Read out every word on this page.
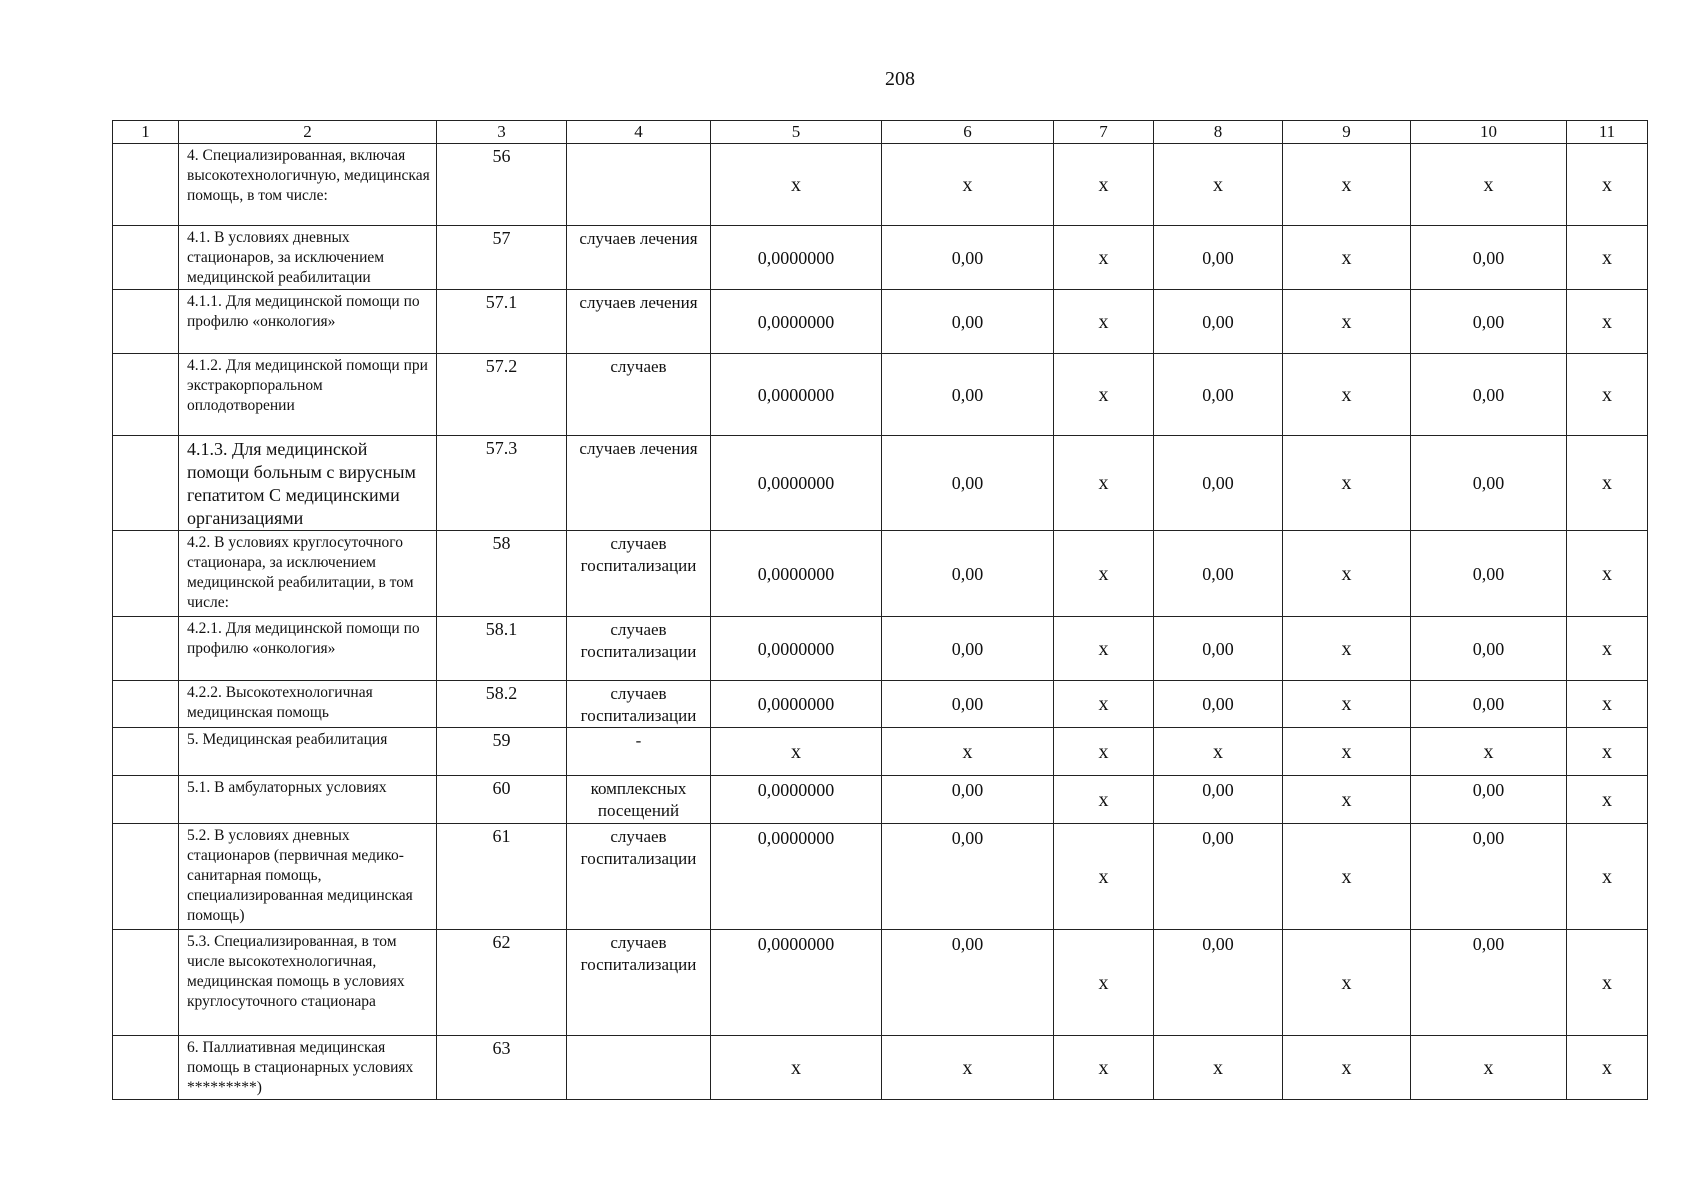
208
1	2	3	4	5	6	7	8	9	10	11
	4. Специализированная, включая высокотехнологичную, медицинская помощь, в том числе:	56		x	x	x	x	x	x	x
	4.1. В условиях дневных стационаров, за исключением медицинской реабилитации	57	случаев лечения	0,0000000	0,00	x	0,00	x	0,00	x
	4.1.1. Для медицинской помощи по профилю «онкология»	57.1	случаев лечения	0,0000000	0,00	x	0,00	x	0,00	x
	4.1.2. Для медицинской помощи при экстракорпоральном оплодотворении	57.2	случаев	0,0000000	0,00	x	0,00	x	0,00	x
	4.1.3. Для медицинской помощи больным с вирусным гепатитом С медицинскими организациями	57.3	случаев лечения	0,0000000	0,00	x	0,00	x	0,00	x
	4.2. В условиях круглосуточного стационара, за исключением медицинской реабилитации, в том числе:	58	случаев госпитализации	0,0000000	0,00	x	0,00	x	0,00	x
	4.2.1. Для медицинской помощи по профилю «онкология»	58.1	случаев госпитализации	0,0000000	0,00	x	0,00	x	0,00	x
	4.2.2. Высокотехнологичная медицинская помощь	58.2	случаев госпитализации	0,0000000	0,00	x	0,00	x	0,00	x
	5. Медицинская реабилитация	59	-	x	x	x	x	x	x	x
	5.1. В амбулаторных условиях	60	комплексных посещений	0,0000000	0,00	x	0,00	x	0,00	x
	5.2. В условиях дневных стационаров (первичная медико-санитарная помощь, специализированная медицинская помощь)	61	случаев госпитализации	0,0000000	0,00	x	0,00	x	0,00	x
	5.3. Специализированная, в том числе высокотехнологичная, медицинская помощь в условиях круглосуточного стационара	62	случаев госпитализации	0,0000000	0,00	x	0,00	x	0,00	x
	6. Паллиативная медицинская помощь в стационарных условиях *********)	63		x	x	x	x	x	x	x
